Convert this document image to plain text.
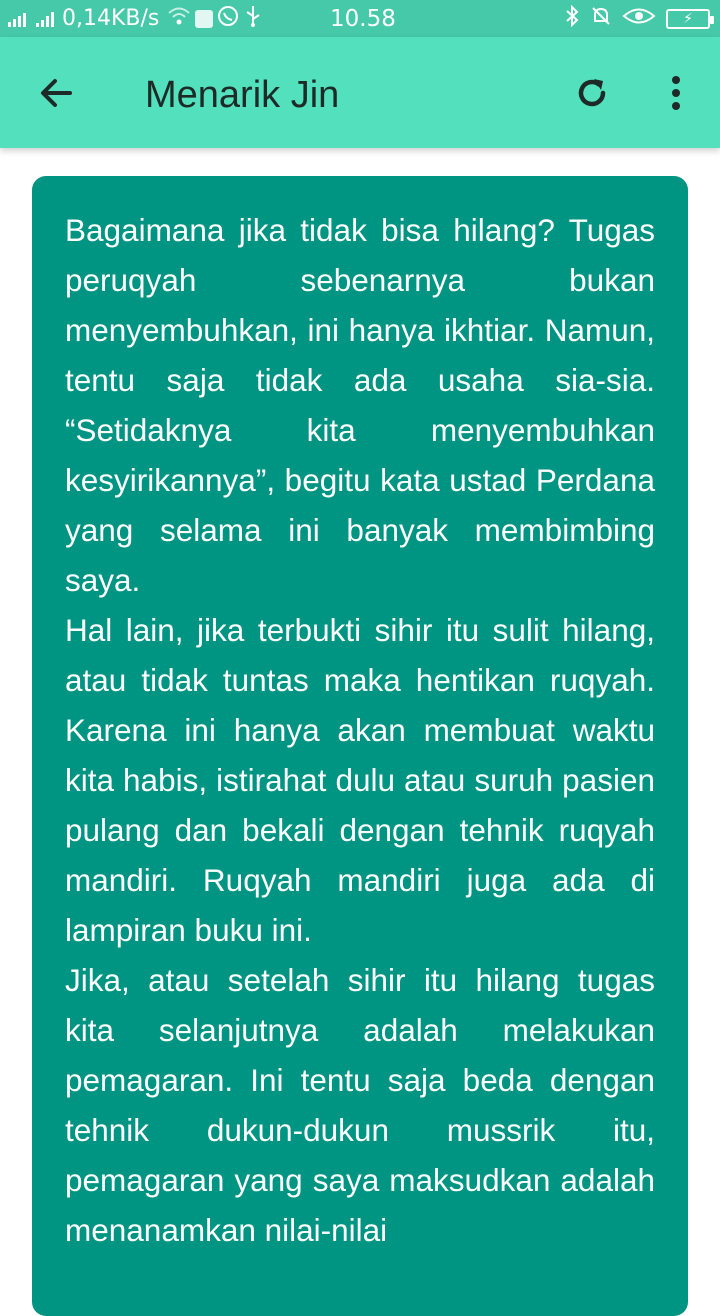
0,14KB/s	10.58	⚡
Menarik Jin

Bagaimana jika tidak bisa hilang? Tugas peruqyah sebenarnya bukan menyembuhkan, ini hanya ikhtiar. Namun, tentu saja tidak ada usaha sia-sia. “Setidaknya kita menyembuhkan kesyirikannya”, begitu kata ustad Perdana yang selama ini banyak membimbing saya.

Hal lain, jika terbukti sihir itu sulit hilang, atau tidak tuntas maka hentikan ruqyah. Karena ini hanya akan membuat waktu kita habis, istirahat dulu atau suruh pasien pulang dan bekali dengan tehnik ruqyah mandiri. Ruqyah mandiri juga ada di lampiran buku ini.

Jika, atau setelah sihir itu hilang tugas kita selanjutnya adalah melakukan pemagaran. Ini tentu saja beda dengan tehnik dukun-dukun mussrik itu, pemagaran yang saya maksudkan adalah menanamkan nilai-nilai
